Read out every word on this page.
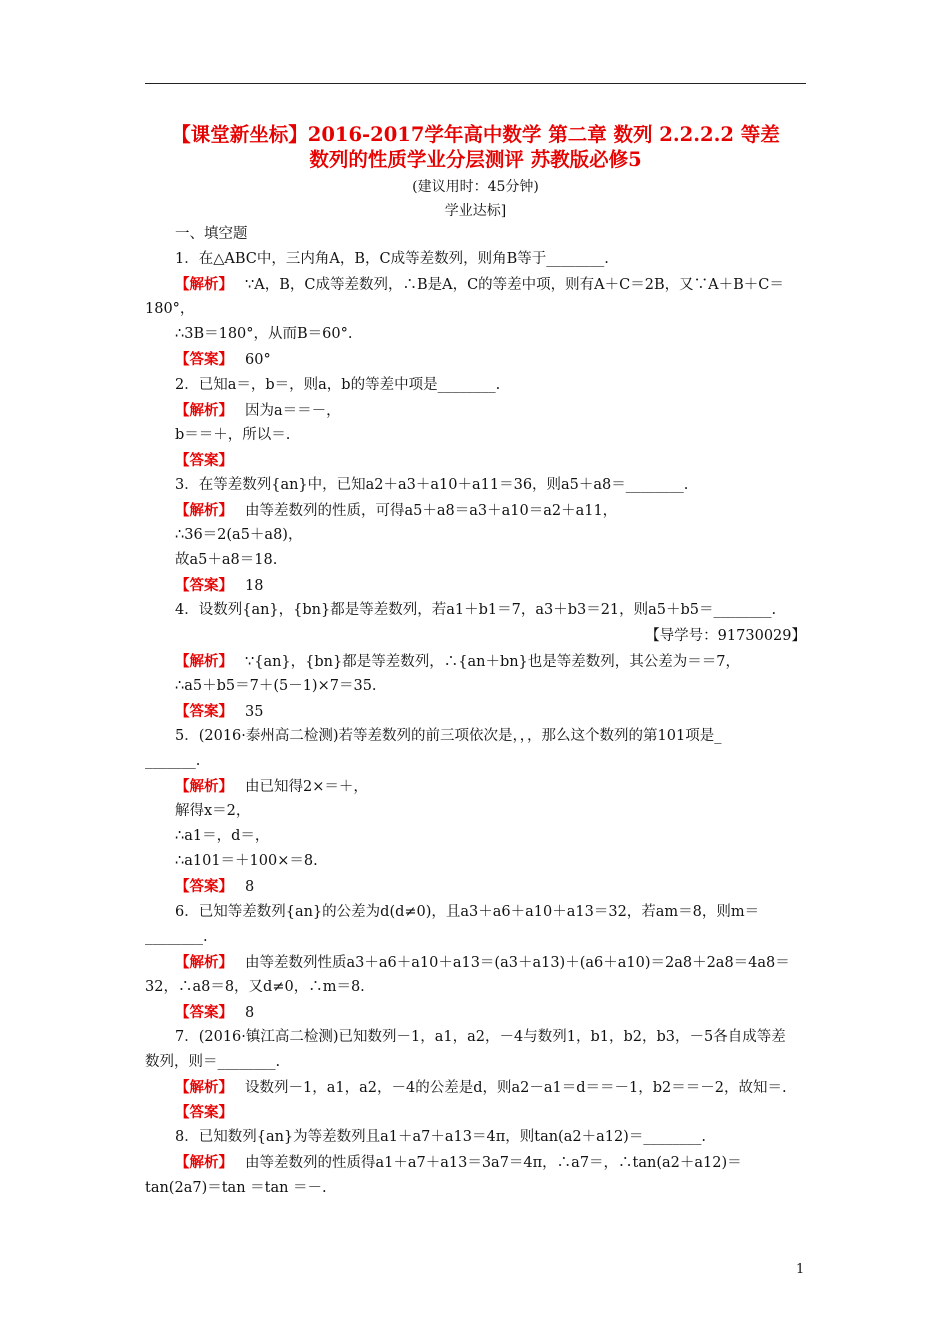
【课堂新坐标】2016-2017学年高中数学 第二章 数列 2.2.2.2 等差
数列的性质学业分层测评 苏教版必修5
(建议用时：45分钟)
学业达标]
一、填空题
1．在△ABC中，三内角A，B，C成等差数列，则角B等于________.
【解析】 ∵A，B，C成等差数列，∴B是A，C的等差中项，则有A＋C＝2B，又∵A＋B＋C＝
180°，
∴3B＝180°，从而B＝60°.
【答案】 60°
2．已知a＝，b＝，则a，b的等差中项是________.
【解析】 因为a＝＝－，
b＝＝＋，所以＝.
【答案】
3．在等差数列{an}中，已知a2＋a3＋a10＋a11＝36，则a5＋a8＝________.
【解析】 由等差数列的性质，可得a5＋a8＝a3＋a10＝a2＋a11，
∴36＝2(a5＋a8)，
故a5＋a8＝18.
【答案】 18
4．设数列{an}，{bn}都是等差数列，若a1＋b1＝7，a3＋b3＝21，则a5＋b5＝________.
【导学号：91730029】
【解析】 ∵{an}，{bn}都是等差数列，∴{an＋bn}也是等差数列，其公差为＝＝7，
∴a5＋b5＝7＋(5－1)×7＝35.
【答案】 35
5．(2016·泰州高二检测)若等差数列的前三项依次是，，，那么这个数列的第101项是_
_______.
【解析】 由已知得2×＝＋，
解得x＝2，
∴a1＝，d＝，
∴a101＝＋100×＝8.
【答案】 8
6．已知等差数列{an}的公差为d(d≠0)，且a3＋a6＋a10＋a13＝32，若am＝8，则m＝
________.
【解析】 由等差数列性质a3＋a6＋a10＋a13＝(a3＋a13)＋(a6＋a10)＝2a8＋2a8＝4a8＝
32，∴a8＝8，又d≠0，∴m＝8.
【答案】 8
7．(2016·镇江高二检测)已知数列－1，a1，a2，－4与数列1，b1，b2，b3，－5各自成等差
数列，则＝________.
【解析】 设数列－1，a1，a2，－4的公差是d，则a2－a1＝d＝＝－1，b2＝＝－2，故知＝.
【答案】
8．已知数列{an}为等差数列且a1＋a7＋a13＝4π，则tan(a2＋a12)＝________.
【解析】 由等差数列的性质得a1＋a7＋a13＝3a7＝4π，∴a7＝，∴tan(a2＋a12)＝
tan(2a7)＝tan ＝tan ＝－.
1
